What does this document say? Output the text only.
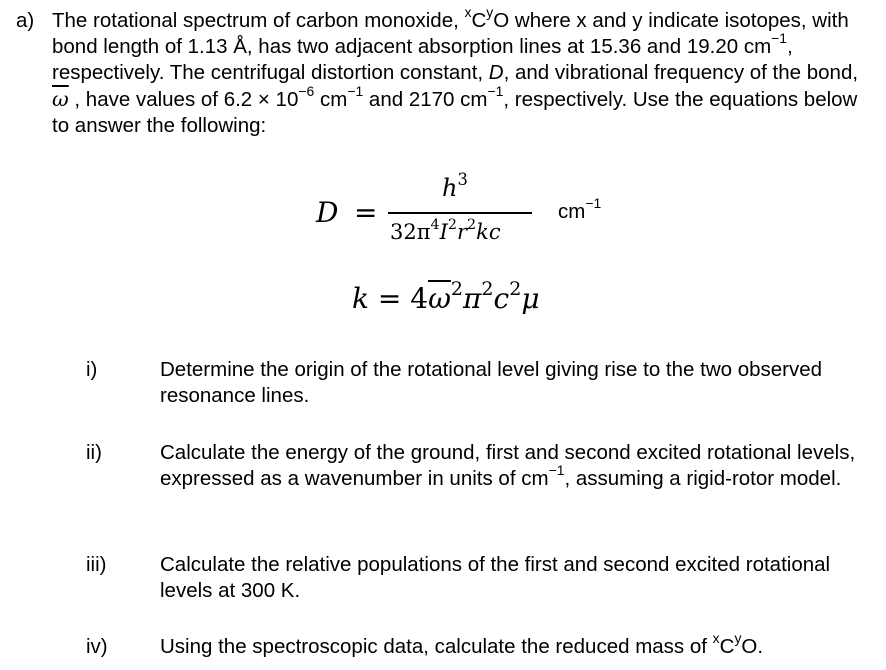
a) The rotational spectrum of carbon monoxide, $^xC^yO$ where x and y indicate isotopes, with bond length of 1.13 Å, has two adjacent absorption lines at 15.36 and 19.20 $cm^{-1}$, respectively. The centrifugal distortion constant, D, and vibrational frequency of the bond, $\overline{\omega}$ , have values of $6.2 \times 10^{-6}$ $cm^{-1}$ and 2170 $cm^{-1}$, respectively. Use the equations below to answer the following:
D =
$h^3$
$32\pi^4I^2r^2kc$
$cm^{-1}$
$k = 4\overline{\omega}^2\pi^2c^2\mu$
i)	Determine the origin of the rotational level giving rise to the two observed resonance lines.
ii)	Calculate the energy of the ground, first and second excited rotational levels, expressed as a wavenumber in units of $cm^{-1}$, assuming a rigid-rotor model.
iii)	Calculate the relative populations of the first and second excited rotational levels at 300 K.
iv)	Using the spectroscopic data, calculate the reduced mass of $^xC^yO$.
